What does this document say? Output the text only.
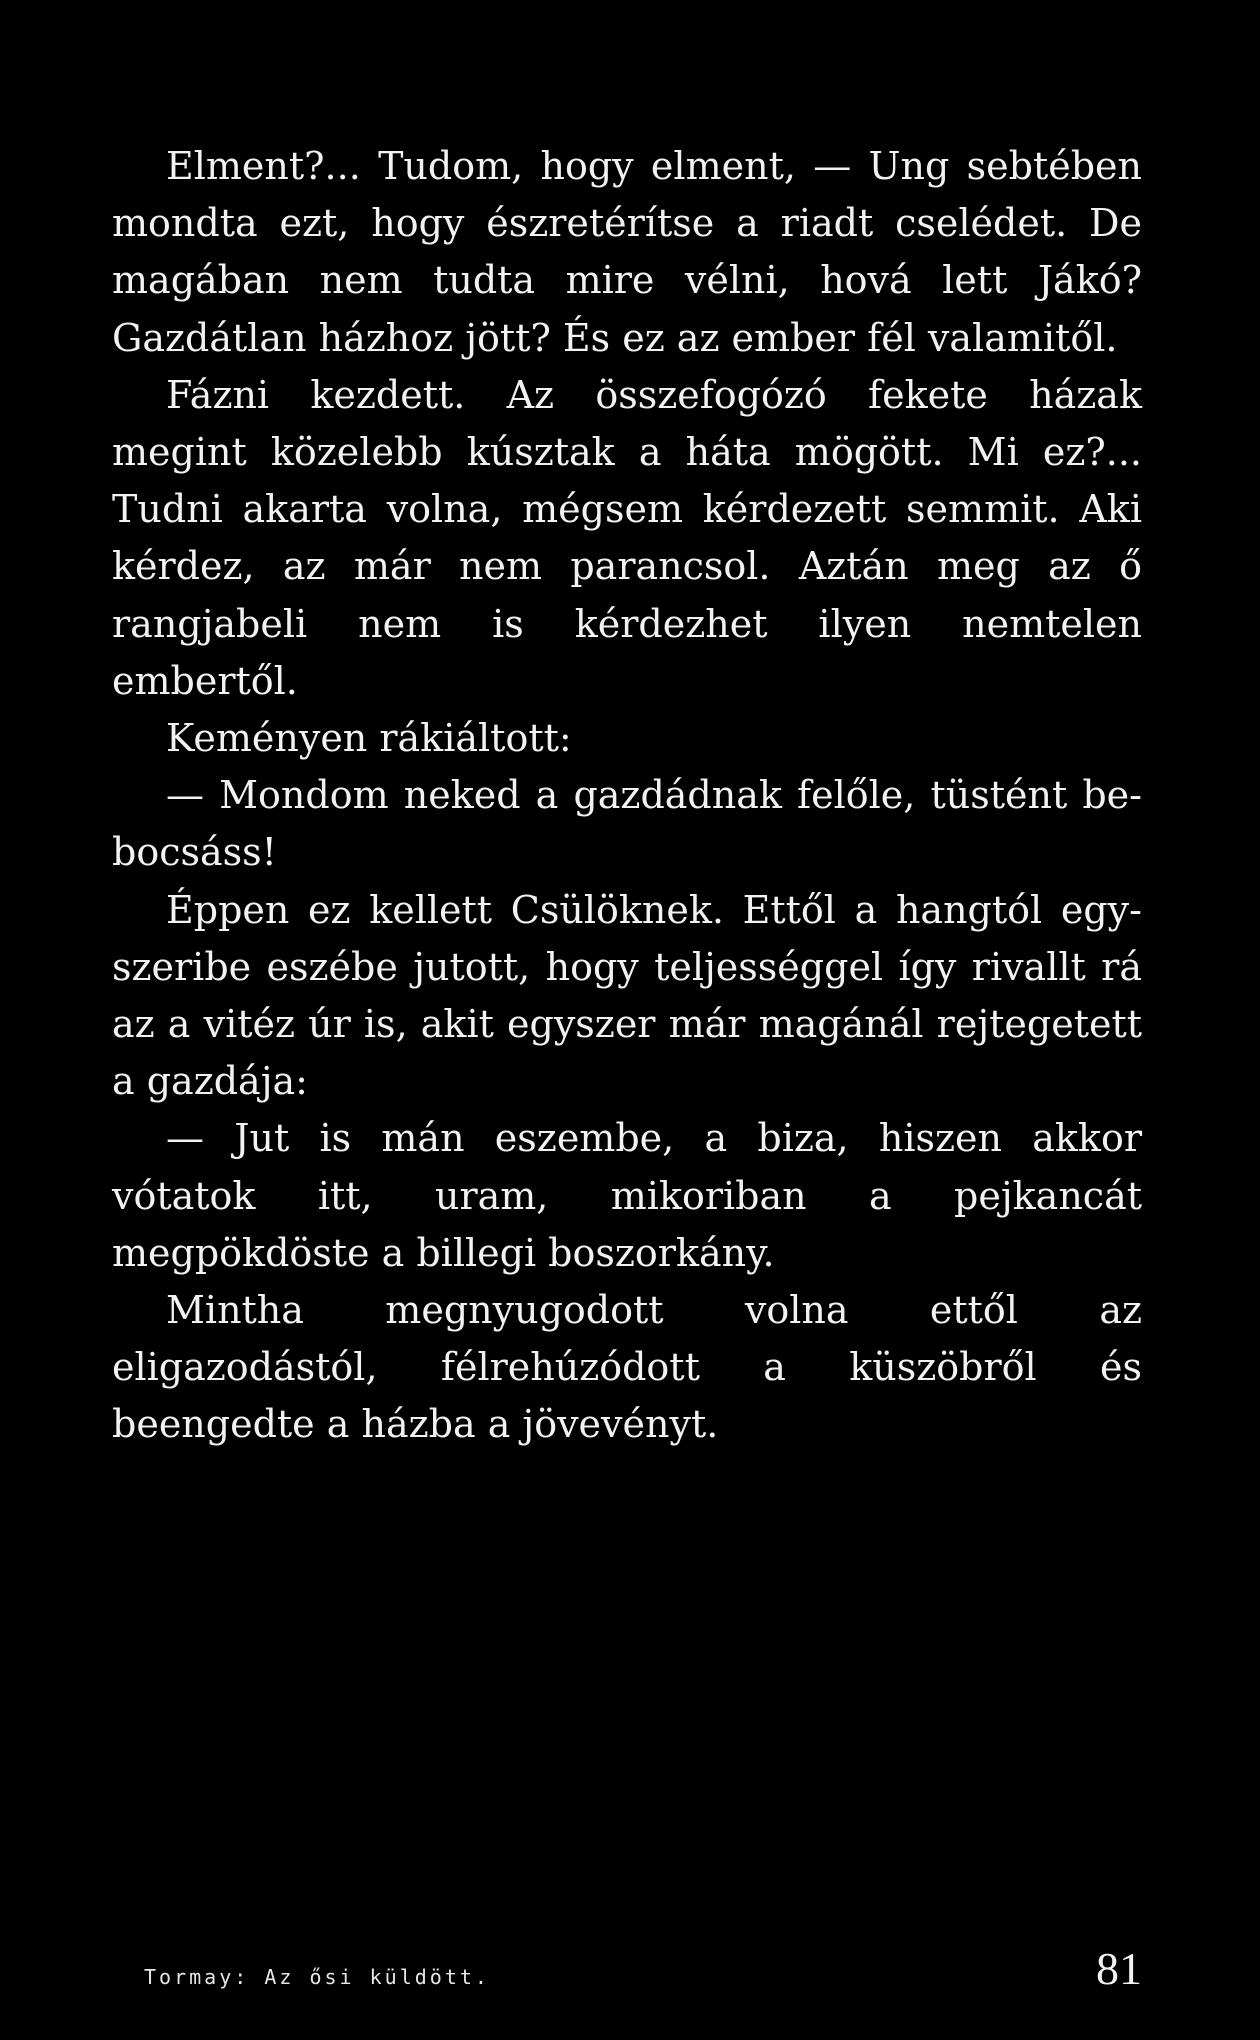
Elment?... Tudom, hogy elment, — Ung sebtében mondta ezt, hogy észretérítse a riadt cselédet. De magában nem tudta mire vélni, hová lett Jákó? Gazdátlan házhoz jött? És ez az ember fél valamitől.

Fázni kezdett. Az összefogózó fekete házak megint közelebb kúsztak a háta mögött. Mi ez?... Tudni akarta volna, mégsem kérdezett semmit. Aki kérdez, az már nem parancsol. Aztán meg az ő rangjabeli nem is kérdezhet ilyen nemtelen embertől.

Keményen rákiáltott:

— Mondom neked a gazdádnak felőle, tüstént bebocsáss!

Éppen ez kellett Csülöknek. Ettől a hangtól egyszeribe eszébe jutott, hogy teljességgel így rivallt rá az a vitéz úr is, akit egyszer már magánál rejtegetett a gazdája:

— Jut is mán eszembe, a biza, hiszen akkor vótatok itt, uram, mikoriban a pejkancát megpökdöste a billegi boszorkány.

Mintha megnyugodott volna ettől az eligazodástól, félrehúzódott a küszöbről és beengedte a házba a jövevényt.

Tormay: Az ősi küldött.	81
